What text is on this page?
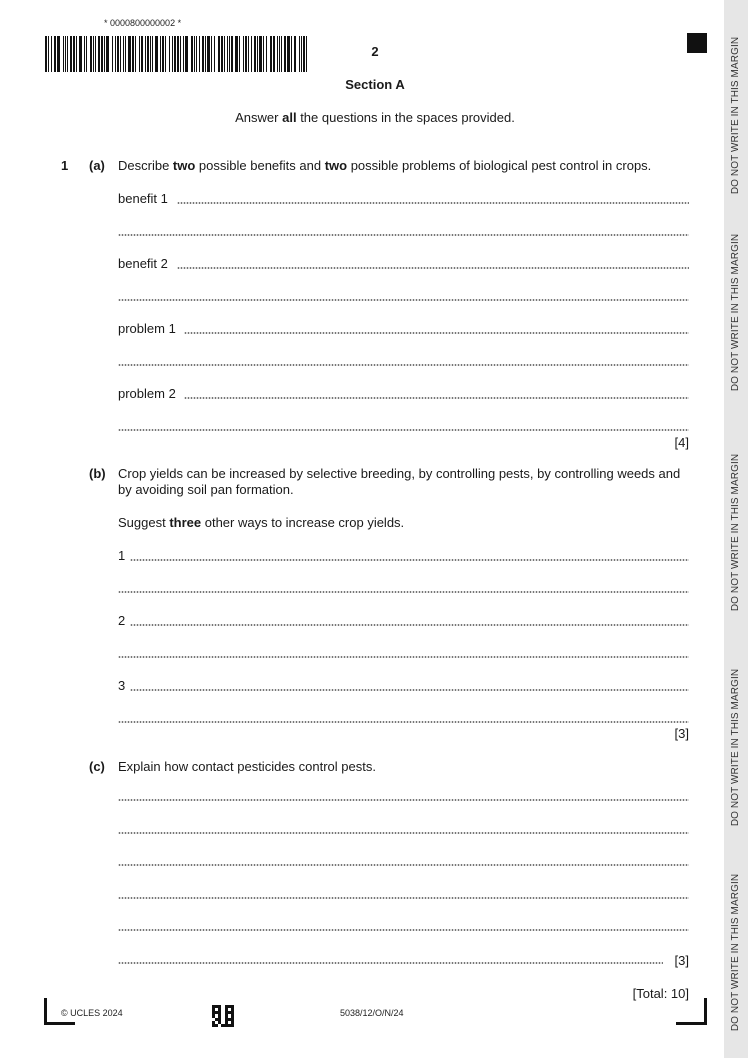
DO NOT WRITE IN THIS MARGIN
DO NOT WRITE IN THIS MARGIN
DO NOT WRITE IN THIS MARGIN
DO NOT WRITE IN THIS MARGIN
DO NOT WRITE IN THIS MARGIN
* 0000800000002 *
2
Section A
Answer all the questions in the spaces provided.
1 (a) Describe two possible benefits and two possible problems of biological pest control in crops.
benefit 1
benefit 2
problem 1
problem 2
[4]
(b) Crop yields can be increased by selective breeding, by controlling pests, by controlling weeds and by avoiding soil pan formation.
Suggest three other ways to increase crop yields.
1
2
3
[3]
(c) Explain how contact pesticides control pests.
[3]
[Total: 10]
© UCLES 2024	5038/12/O/N/24
